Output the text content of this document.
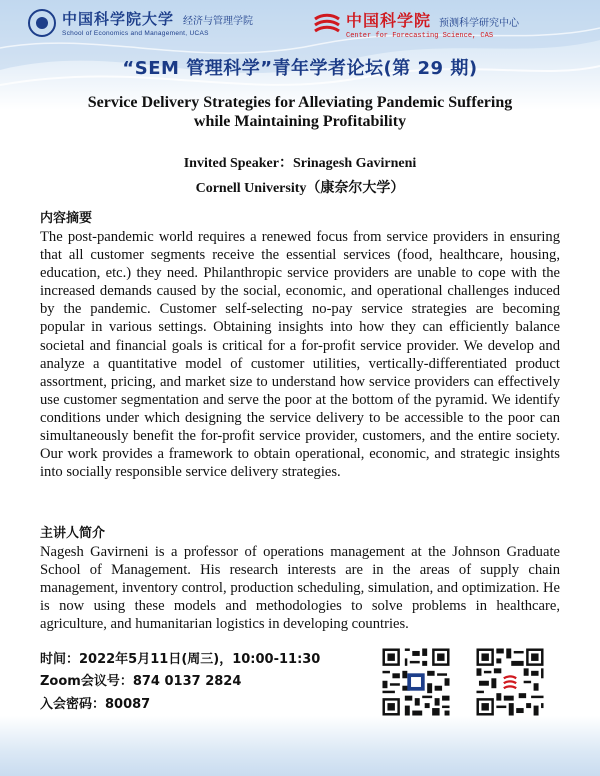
中国科学院大学 经济与管理学院
School of Economics and Management, UCAS
中国科学院 预测科学研究中心
Center for Forecasting Science, CAS
“SEM 管理科学”青年学者论坛(第 29 期)
Service Delivery Strategies for Alleviating Pandemic Suffering
while Maintaining Profitability
Invited Speaker：Srinagesh Gavirneni
Cornell University（康奈尔大学）
内容摘要

The post-pandemic world requires a renewed focus from service providers in ensuring that all customer segments receive the essential services (food, healthcare, housing, education, etc.) they need. Philanthropic service providers are unable to cope with the increased demands caused by the social, economic, and operational challenges induced by the pandemic. Customer self-selecting no-pay service strategies are becoming popular in various settings. Obtaining insights into how they can efficiently balance societal and financial goals is critical for a for-profit service provider. We develop and analyze a quantitative model of customer utilities, vertically-differentiated product assortment, pricing, and market size to understand how service providers can effectively use customer segmentation and serve the poor at the bottom of the pyramid. We identify conditions under which designing the service delivery to be accessible to the poor can simultaneously benefit the for-profit service provider, customers, and the entire society. Our work provides a framework to obtain operational, economic, and strategic insights into socially responsible service delivery strategies.

主讲人简介

Nagesh Gavirneni is a professor of operations management at the Johnson Graduate School of Management. His research interests are in the areas of supply chain management, inventory control, production scheduling, simulation, and optimization. He is now using these models and methodologies to solve problems in healthcare, agriculture, and humanitarian logistics in developing countries.

时间：2022年5月11日(周三)，10:00-11:30
Zoom会议号：874 0137 2824
入会密码：80087
